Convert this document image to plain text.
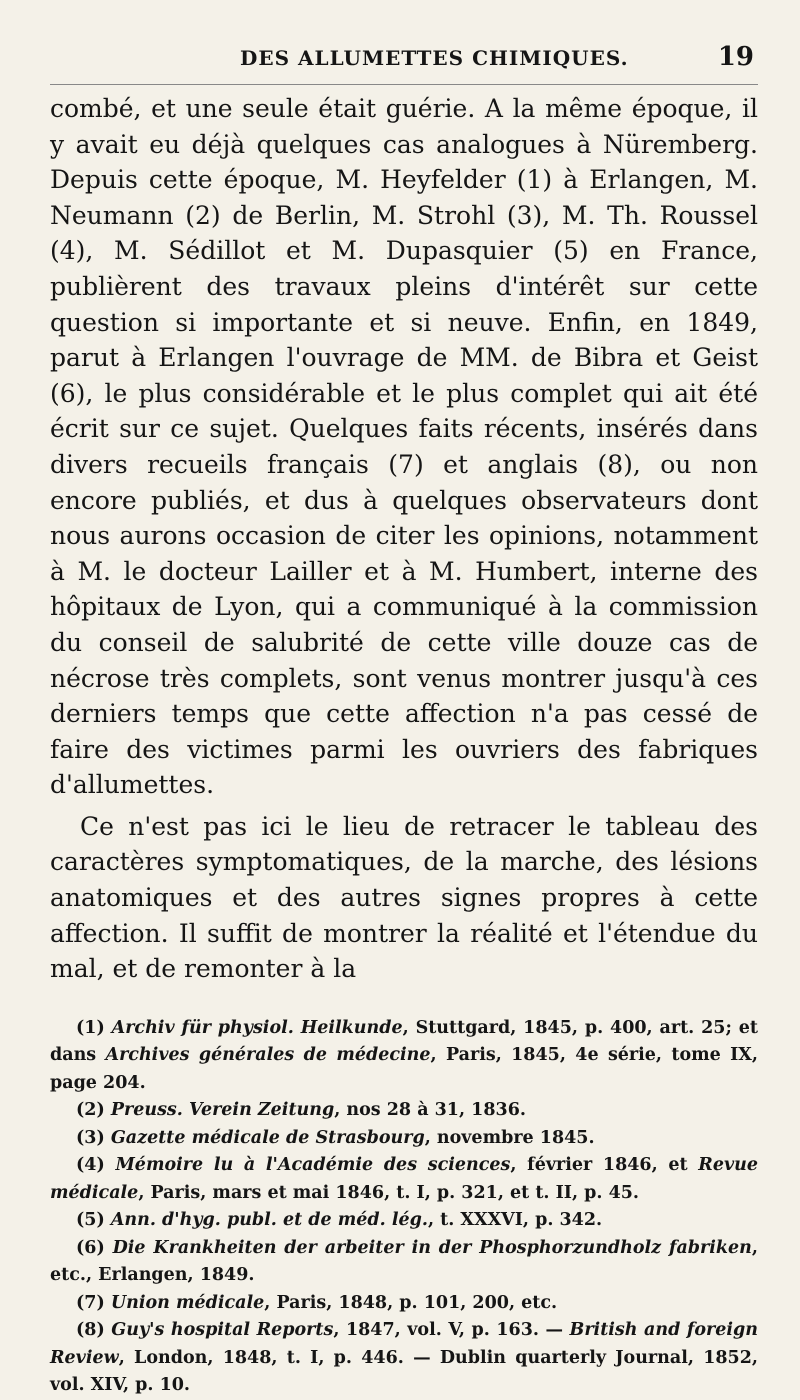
DES ALLUMETTES CHIMIQUES.	19

combé, et une seule était guérie. A la même époque, il y avait eu déjà quelques cas analogues à Nüremberg. Depuis cette époque, M. Heyfelder (1) à Erlangen, M. Neumann (2) de Berlin, M. Strohl (3), M. Th. Roussel (4), M. Sédillot et M. Dupasquier (5) en France, publièrent des travaux pleins d'intérêt sur cette question si importante et si neuve. Enfin, en 1849, parut à Erlangen l'ouvrage de MM. de Bibra et Geist (6), le plus considérable et le plus complet qui ait été écrit sur ce sujet. Quelques faits récents, insérés dans divers recueils français (7) et anglais (8), ou non encore publiés, et dus à quelques observateurs dont nous aurons occasion de citer les opinions, notamment à M. le docteur Lailler et à M. Humbert, interne des hôpitaux de Lyon, qui a communiqué à la commission du conseil de salubrité de cette ville douze cas de nécrose très complets, sont venus montrer jusqu'à ces derniers temps que cette affection n'a pas cessé de faire des victimes parmi les ouvriers des fabriques d'allumettes.

Ce n'est pas ici le lieu de retracer le tableau des caractères symptomatiques, de la marche, des lésions anatomiques et des autres signes propres à cette affection. Il suffit de montrer la réalité et l'étendue du mal, et de remonter à la

(1) Archiv für physiol. Heilkunde, Stuttgard, 1845, p. 400, art. 25; et dans Archives générales de médecine, Paris, 1845, 4e série, tome IX, page 204.
(2) Preuss. Verein Zeitung, nos 28 à 31, 1836.
(3) Gazette médicale de Strasbourg, novembre 1845.
(4) Mémoire lu à l'Académie des sciences, février 1846, et Revue médicale, Paris, mars et mai 1846, t. I, p. 321, et t. II, p. 45.
(5) Ann. d'hyg. publ. et de méd. lég., t. XXXVI, p. 342.
(6) Die Krankheiten der arbeiter in der Phosphorzundholz fabriken, etc., Erlangen, 1849.
(7) Union médicale, Paris, 1848, p. 101, 200, etc.
(8) Guy's hospital Reports, 1847, vol. V, p. 163. — British and foreign Review, London, 1848, t. I, p. 446. — Dublin quarterly Journal, 1852, vol. XIV, p. 10.
